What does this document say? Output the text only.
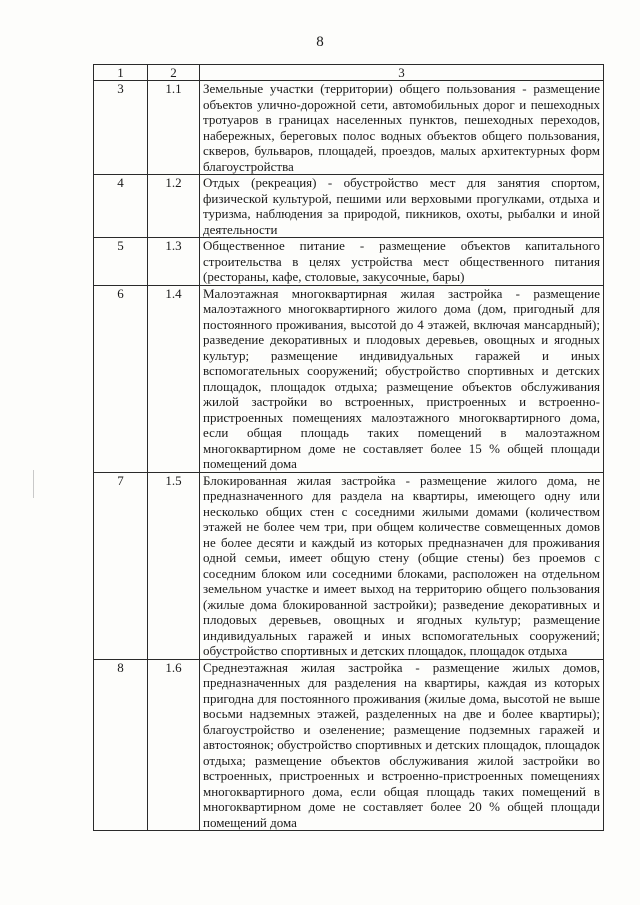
8
1	2	3
3	1.1	Земельные участки (территории) общего пользования - размещение объектов улично-дорожной сети, автомобильных дорог и пешеходных тротуаров в границах населенных пунктов, пешеходных переходов, набережных, береговых полос водных объектов общего пользования, скверов, бульваров, площадей, проездов, малых архитектурных форм благоустройства
4	1.2	Отдых (рекреация) - обустройство мест для занятия спортом, физической культурой, пешими или верховыми прогулками, отдыха и туризма, наблюдения за природой, пикников, охоты, рыбалки и иной деятельности
5	1.3	Общественное питание - размещение объектов капитального строительства в целях устройства мест общественного питания (рестораны, кафе, столовые, закусочные, бары)
6	1.4	Малоэтажная многоквартирная жилая застройка - размещение малоэтажного многоквартирного жилого дома (дом, пригодный для постоянного проживания, высотой до 4 этажей, включая мансардный); разведение декоративных и плодовых деревьев, овощных и ягодных культур; размещение индивидуальных гаражей и иных вспомогательных сооружений; обустройство спортивных и детских площадок, площадок отдыха; размещение объектов обслуживания жилой застройки во встроенных, пристроенных и встроенно-пристроенных помещениях малоэтажного многоквартирного дома, если общая площадь таких помещений в малоэтажном многоквартирном доме не составляет более 15 % общей площади помещений дома
7	1.5	Блокированная жилая застройка - размещение жилого дома, не предназначенного для раздела на квартиры, имеющего одну или несколько общих стен с соседними жилыми домами (количеством этажей не более чем три, при общем количестве совмещенных домов не более десяти и каждый из которых предназначен для проживания одной семьи, имеет общую стену (общие стены) без проемов с соседним блоком или соседними блоками, расположен на отдельном земельном участке и имеет выход на территорию общего пользования (жилые дома блокированной застройки); разведение декоративных и плодовых деревьев, овощных и ягодных культур; размещение индивидуальных гаражей и иных вспомогательных сооружений; обустройство спортивных и детских площадок, площадок отдыха
8	1.6	Среднеэтажная жилая застройка - размещение жилых домов, предназначенных для разделения на квартиры, каждая из которых пригодна для постоянного проживания (жилые дома, высотой не выше восьми надземных этажей, разделенных на две и более квартиры); благоустройство и озеленение; размещение подземных гаражей и автостоянок; обустройство спортивных и детских площадок, площадок отдыха; размещение объектов обслуживания жилой застройки во встроенных, пристроенных и встроенно-пристроенных помещениях многоквартирного дома, если общая площадь таких помещений в многоквартирном доме не составляет более 20 % общей площади помещений дома
